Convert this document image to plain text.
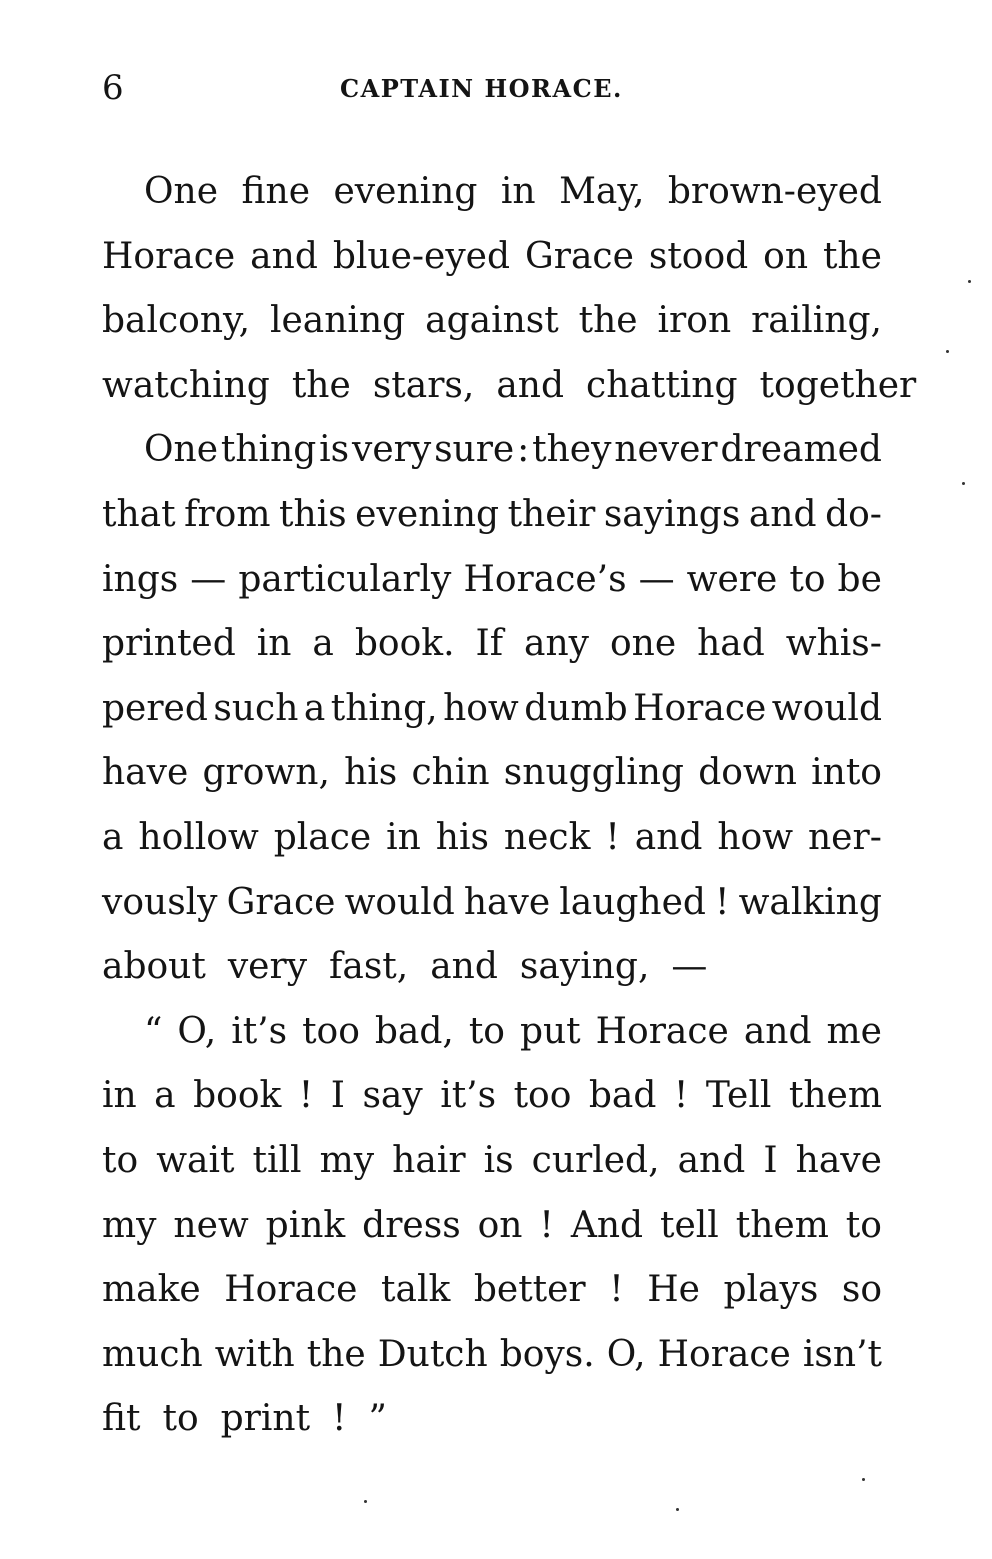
6	CAPTAIN HORACE.
One fine evening in May, brown-eyed
Horace and blue-eyed Grace stood on the
balcony, leaning against the iron railing,
watching the stars, and chatting together
One thing is very sure : they never dreamed
that from this evening their sayings and do-
ings — particularly Horace’s — were to be
printed in a book. If any one had whis-
pered such a thing, how dumb Horace would
have grown, his chin snuggling down into
a hollow place in his neck ! and how ner-
vously Grace would have laughed ! walking
about very fast, and saying, —
“ O, it’s too bad, to put Horace and me
in a book ! I say it’s too bad ! Tell them
to wait till my hair is curled, and I have
my new pink dress on ! And tell them to
make Horace talk better ! He plays so
much with the Dutch boys. O, Horace isn’t
fit to print ! ”
